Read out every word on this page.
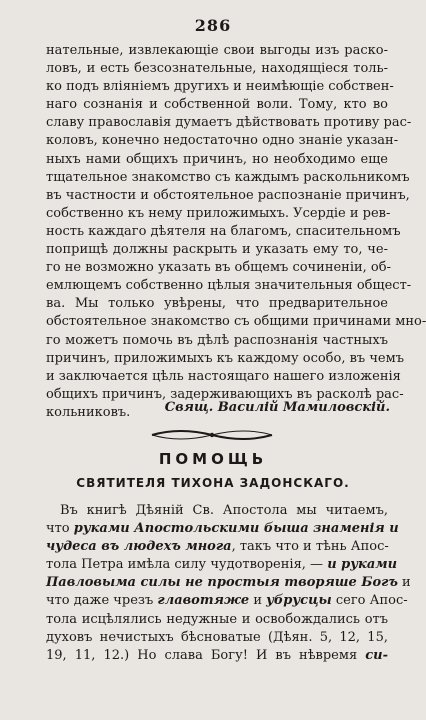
286
нательные, извлекающіе свои выгоды изъ раско-
ловъ, и есть безсознательные, находящіеся толь-
ко подъ вліяніемъ другихъ и неимѣющіе собствен-
наго сознанія и собственной воли. Тому, кто во
славу православія думаетъ дѣйствовать противу рас-
коловъ, конечно недостаточно одно знаніе указан-
ныхъ нами общихъ причинъ, но необходимо еще
тщательное знакомство съ каждымъ раскольникомъ
въ частности и обстоятельное распознаніе причинъ,
собственно къ нему приложимыхъ. Усердіе и рев-
ность каждаго дѣятеля на благомъ, спасительномъ
поприщѣ должны раскрыть и указать ему то, че-
го не возможно указать въ общемъ сочиненіи, об-
емлющемъ собственно цѣлыя значительныя общест-
ва. Мы только увѣрены, что предварительное
обстоятельное знакомство съ общими причинами мно-
го можетъ помочь въ дѣлѣ распознанія частныхъ
причинъ, приложимыхъ къ каждому особо, въ чемъ
и заключается цѣль настоящаго нашего изложенія
общихъ причинъ, задерживающихъ въ расколѣ рас-
кольниковъ.	Свящ. Василій Мамиловскій.
ПОМОЩЬ
СВЯТИТЕЛЯ ТИХОНА ЗАДОНСКАГО.
Въ книгѣ Дѣяній Св. Апостола мы читаемъ,
что руками Апостольскими быша знаменія и
чудеса въ людехъ многа, такъ что и тѣнь Апос-
тола Петра имѣла силу чудотворенія, — и руками
Павловыма силы не простыя творяше Богъ и
что даже чрезъ главотяже и убрусцы сего Апос-
тола исцѣлялись недужные и освобождались отъ
духовъ нечистыхъ бѣсноватые (Дѣян. 5, 12, 15,
19, 11, 12.) Но слава Богу! И въ нѣвремя си-
